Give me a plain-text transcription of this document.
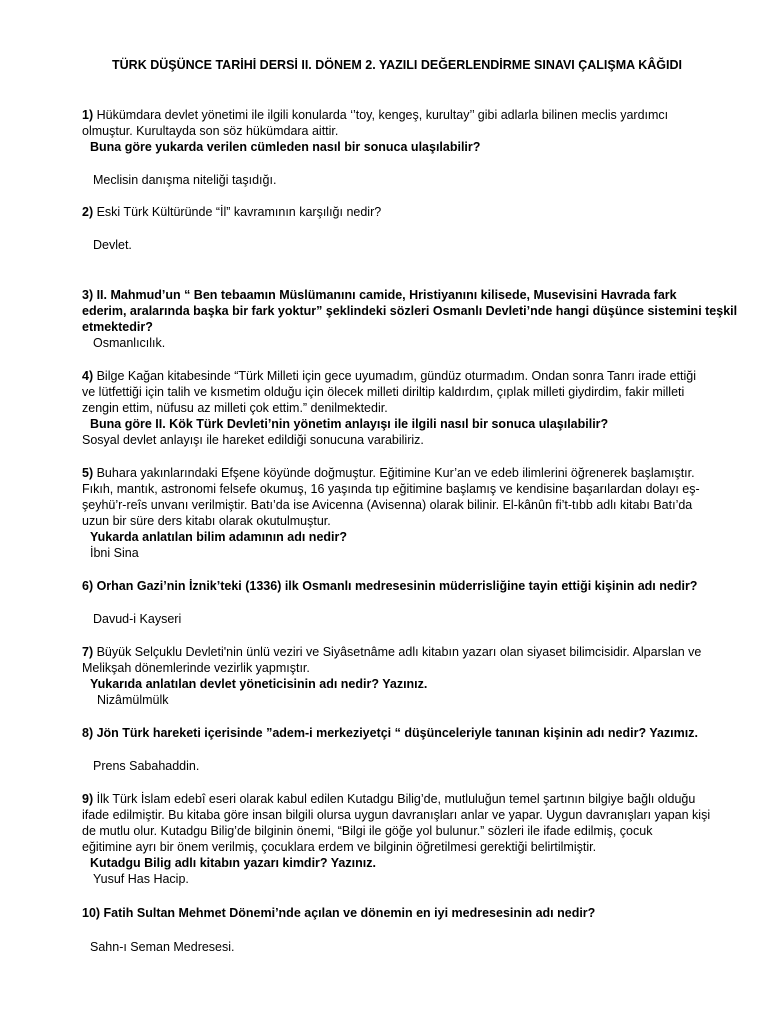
TÜRK DÜŞÜNCE TARİHİ DERSİ II. DÖNEM 2. YAZILI DEĞERLENDİRME SINAVI ÇALIŞMA KÂĞIDI
1) Hükümdara devlet yönetimi ile ilgili konularda ‘’toy, kengeş, kurultay’’ gibi adlarla bilinen meclis yardımcı
olmuştur. Kurultayda son söz hükümdara aittir.
Buna göre yukarda verilen cümleden nasıl bir sonuca ulaşılabilir?
Meclisin danışma niteliği taşıdığı.
2) Eski Türk Kültüründe “İl” kavramının karşılığı nedir?
Devlet.
3) II. Mahmud’un “ Ben tebaamın Müslümanını camide, Hristiyanını kilisede, Musevisini Havrada fark
ederim, aralarında başka bir fark yoktur” şeklindeki sözleri Osmanlı Devleti’nde hangi düşünce sistemini teşkil
etmektedir?
Osmanlıcılık.
4) Bilge Kağan kitabesinde “Türk Milleti için gece uyumadım, gündüz oturmadım. Ondan sonra Tanrı irade ettiği
ve lütfettiği için talih ve kısmetim olduğu için ölecek milleti diriltip kaldırdım, çıplak milleti giydirdim, fakir milleti
zengin ettim, nüfusu az milleti çok ettim.” denilmektedir.
Buna göre II. Kök Türk Devleti’nin yönetim anlayışı ile ilgili nasıl bir sonuca ulaşılabilir?
Sosyal devlet anlayışı ile hareket edildiği sonucuna varabiliriz.
5) Buhara yakınlarındaki Efşene köyünde doğmuştur. Eğitimine Kur’an ve edeb ilimlerini öğrenerek başlamıştır.
Fıkıh, mantık, astronomi felsefe okumuş, 16 yaşında tıp eğitimine başlamış ve kendisine başarılardan dolayı eş-
şeyhü’r-reîs unvanı verilmiştir. Batı’da ise Avicenna (Avisenna) olarak bilinir. El-kânûn fi’t-tıbb adlı kitabı Batı’da
uzun bir süre ders kitabı olarak okutulmuştur.
Yukarda anlatılan bilim adamının adı nedir?
İbni Sina
6) Orhan Gazi’nin İznik’teki (1336) ilk Osmanlı medresesinin müderrisliğine tayin ettiği kişinin adı nedir?
Davud-i Kayseri
7) Büyük Selçuklu Devleti'nin ünlü veziri ve Siyâsetnâme adlı kitabın yazarı olan siyaset bilimcisidir. Alparslan ve
Melikşah dönemlerinde vezirlik yapmıştır.
Yukarıda anlatılan devlet yöneticisinin adı nedir? Yazınız.
Nizâmülmülk
8) Jön Türk hareketi içerisinde ”adem-i merkeziyetçi “ düşünceleriyle tanınan kişinin adı nedir? Yazımız.
Prens Sabahaddin.
9) İlk Türk İslam edebî eseri olarak kabul edilen Kutadgu Bilig’de, mutluluğun temel şartının bilgiye bağlı olduğu
ifade edilmiştir. Bu kitaba göre insan bilgili olursa uygun davranışları anlar ve yapar. Uygun davranışları yapan kişi
de mutlu olur. Kutadgu Bilig’de bilginin önemi, “Bilgi ile göğe yol bulunur.” sözleri ile ifade edilmiş, çocuk
eğitimine ayrı bir önem verilmiş, çocuklara erdem ve bilginin öğretilmesi gerektiği belirtilmiştir.
Kutadgu Bilig adlı kitabın yazarı kimdir? Yazınız.
Yusuf Has Hacip.
10) Fatih Sultan Mehmet Dönemi’nde açılan ve dönemin en iyi medresesinin adı nedir?
Sahn-ı Seman Medresesi.
